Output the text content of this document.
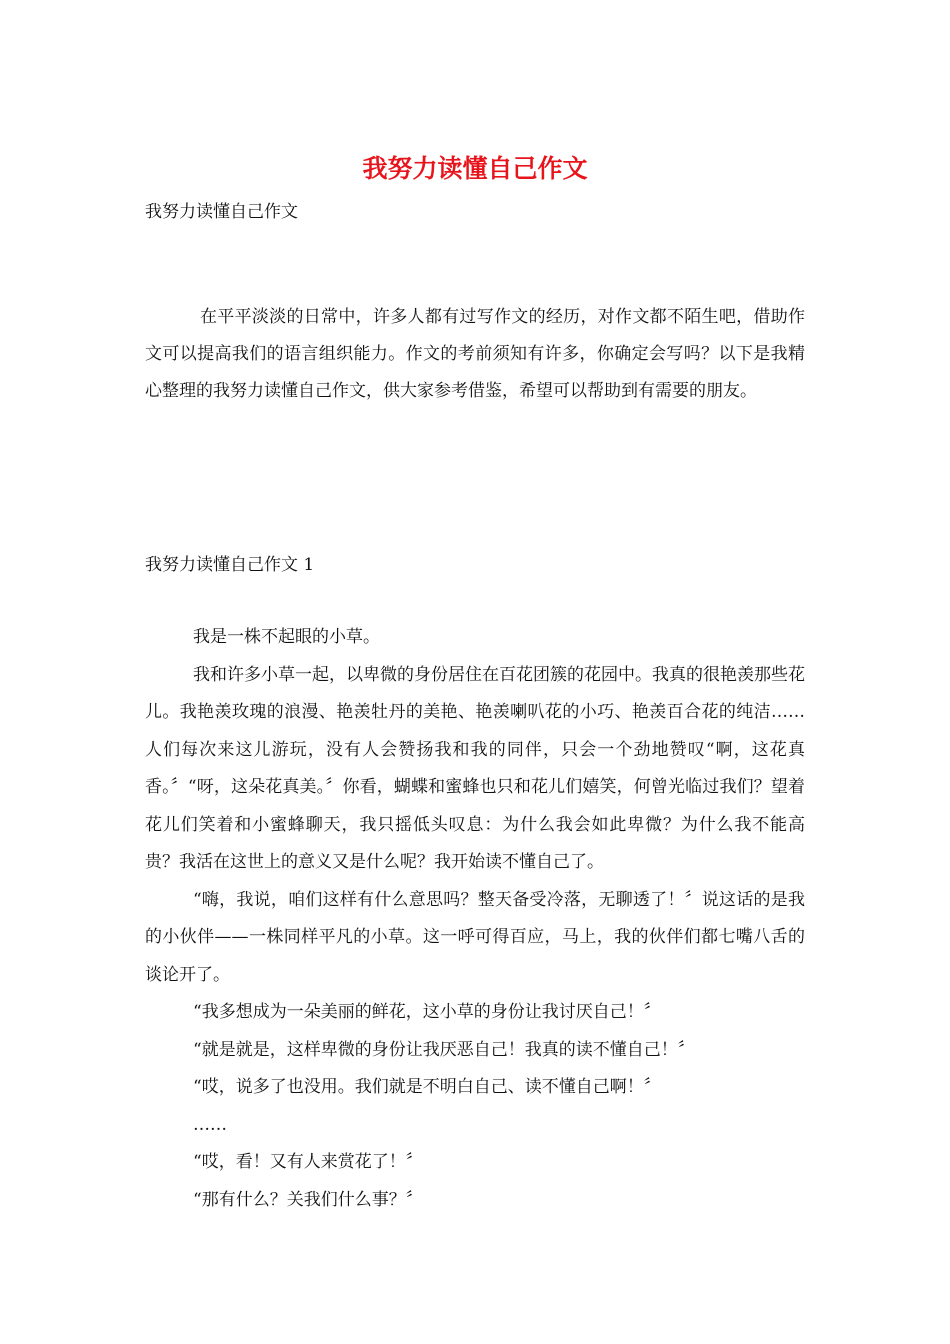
我努力读懂自己作文
我努力读懂自己作文
在平平淡淡的日常中，许多人都有过写作文的经历，对作文都不陌生吧，借助作文可以提高我们的语言组织能力。作文的考前须知有许多，你确定会写吗？以下是我精心整理的我努力读懂自己作文，供大家参考借鉴，希望可以帮助到有需要的朋友。
我努力读懂自己作文 1

我是一株不起眼的小草。

我和许多小草一起，以卑微的身份居住在百花团簇的花园中。我真的很艳羡那些花儿。我艳羡玫瑰的浪漫、艳羡牡丹的美艳、艳羡喇叭花的小巧、艳羡百合花的纯洁……人们每次来这儿游玩，没有人会赞扬我和我的同伴，只会一个劲地赞叹“啊，这花真香。〞“呀，这朵花真美。〞你看，蝴蝶和蜜蜂也只和花儿们嬉笑，何曾光临过我们？望着花儿们笑着和小蜜蜂聊天，我只摇低头叹息：为什么我会如此卑微？为什么我不能高贵？我活在这世上的意义又是什么呢？我开始读不懂自己了。

“嗨，我说，咱们这样有什么意思吗？整天备受冷落，无聊透了！〞说这话的是我的小伙伴——一株同样平凡的小草。这一呼可得百应，马上，我的伙伴们都七嘴八舌的谈论开了。

“我多想成为一朵美丽的鲜花，这小草的身份让我讨厌自己！〞

“就是就是，这样卑微的身份让我厌恶自己！我真的读不懂自己！〞

“哎，说多了也没用。我们就是不明白自己、读不懂自己啊！〞

……

“哎，看！又有人来赏花了！〞

“那有什么？关我们什么事？〞
